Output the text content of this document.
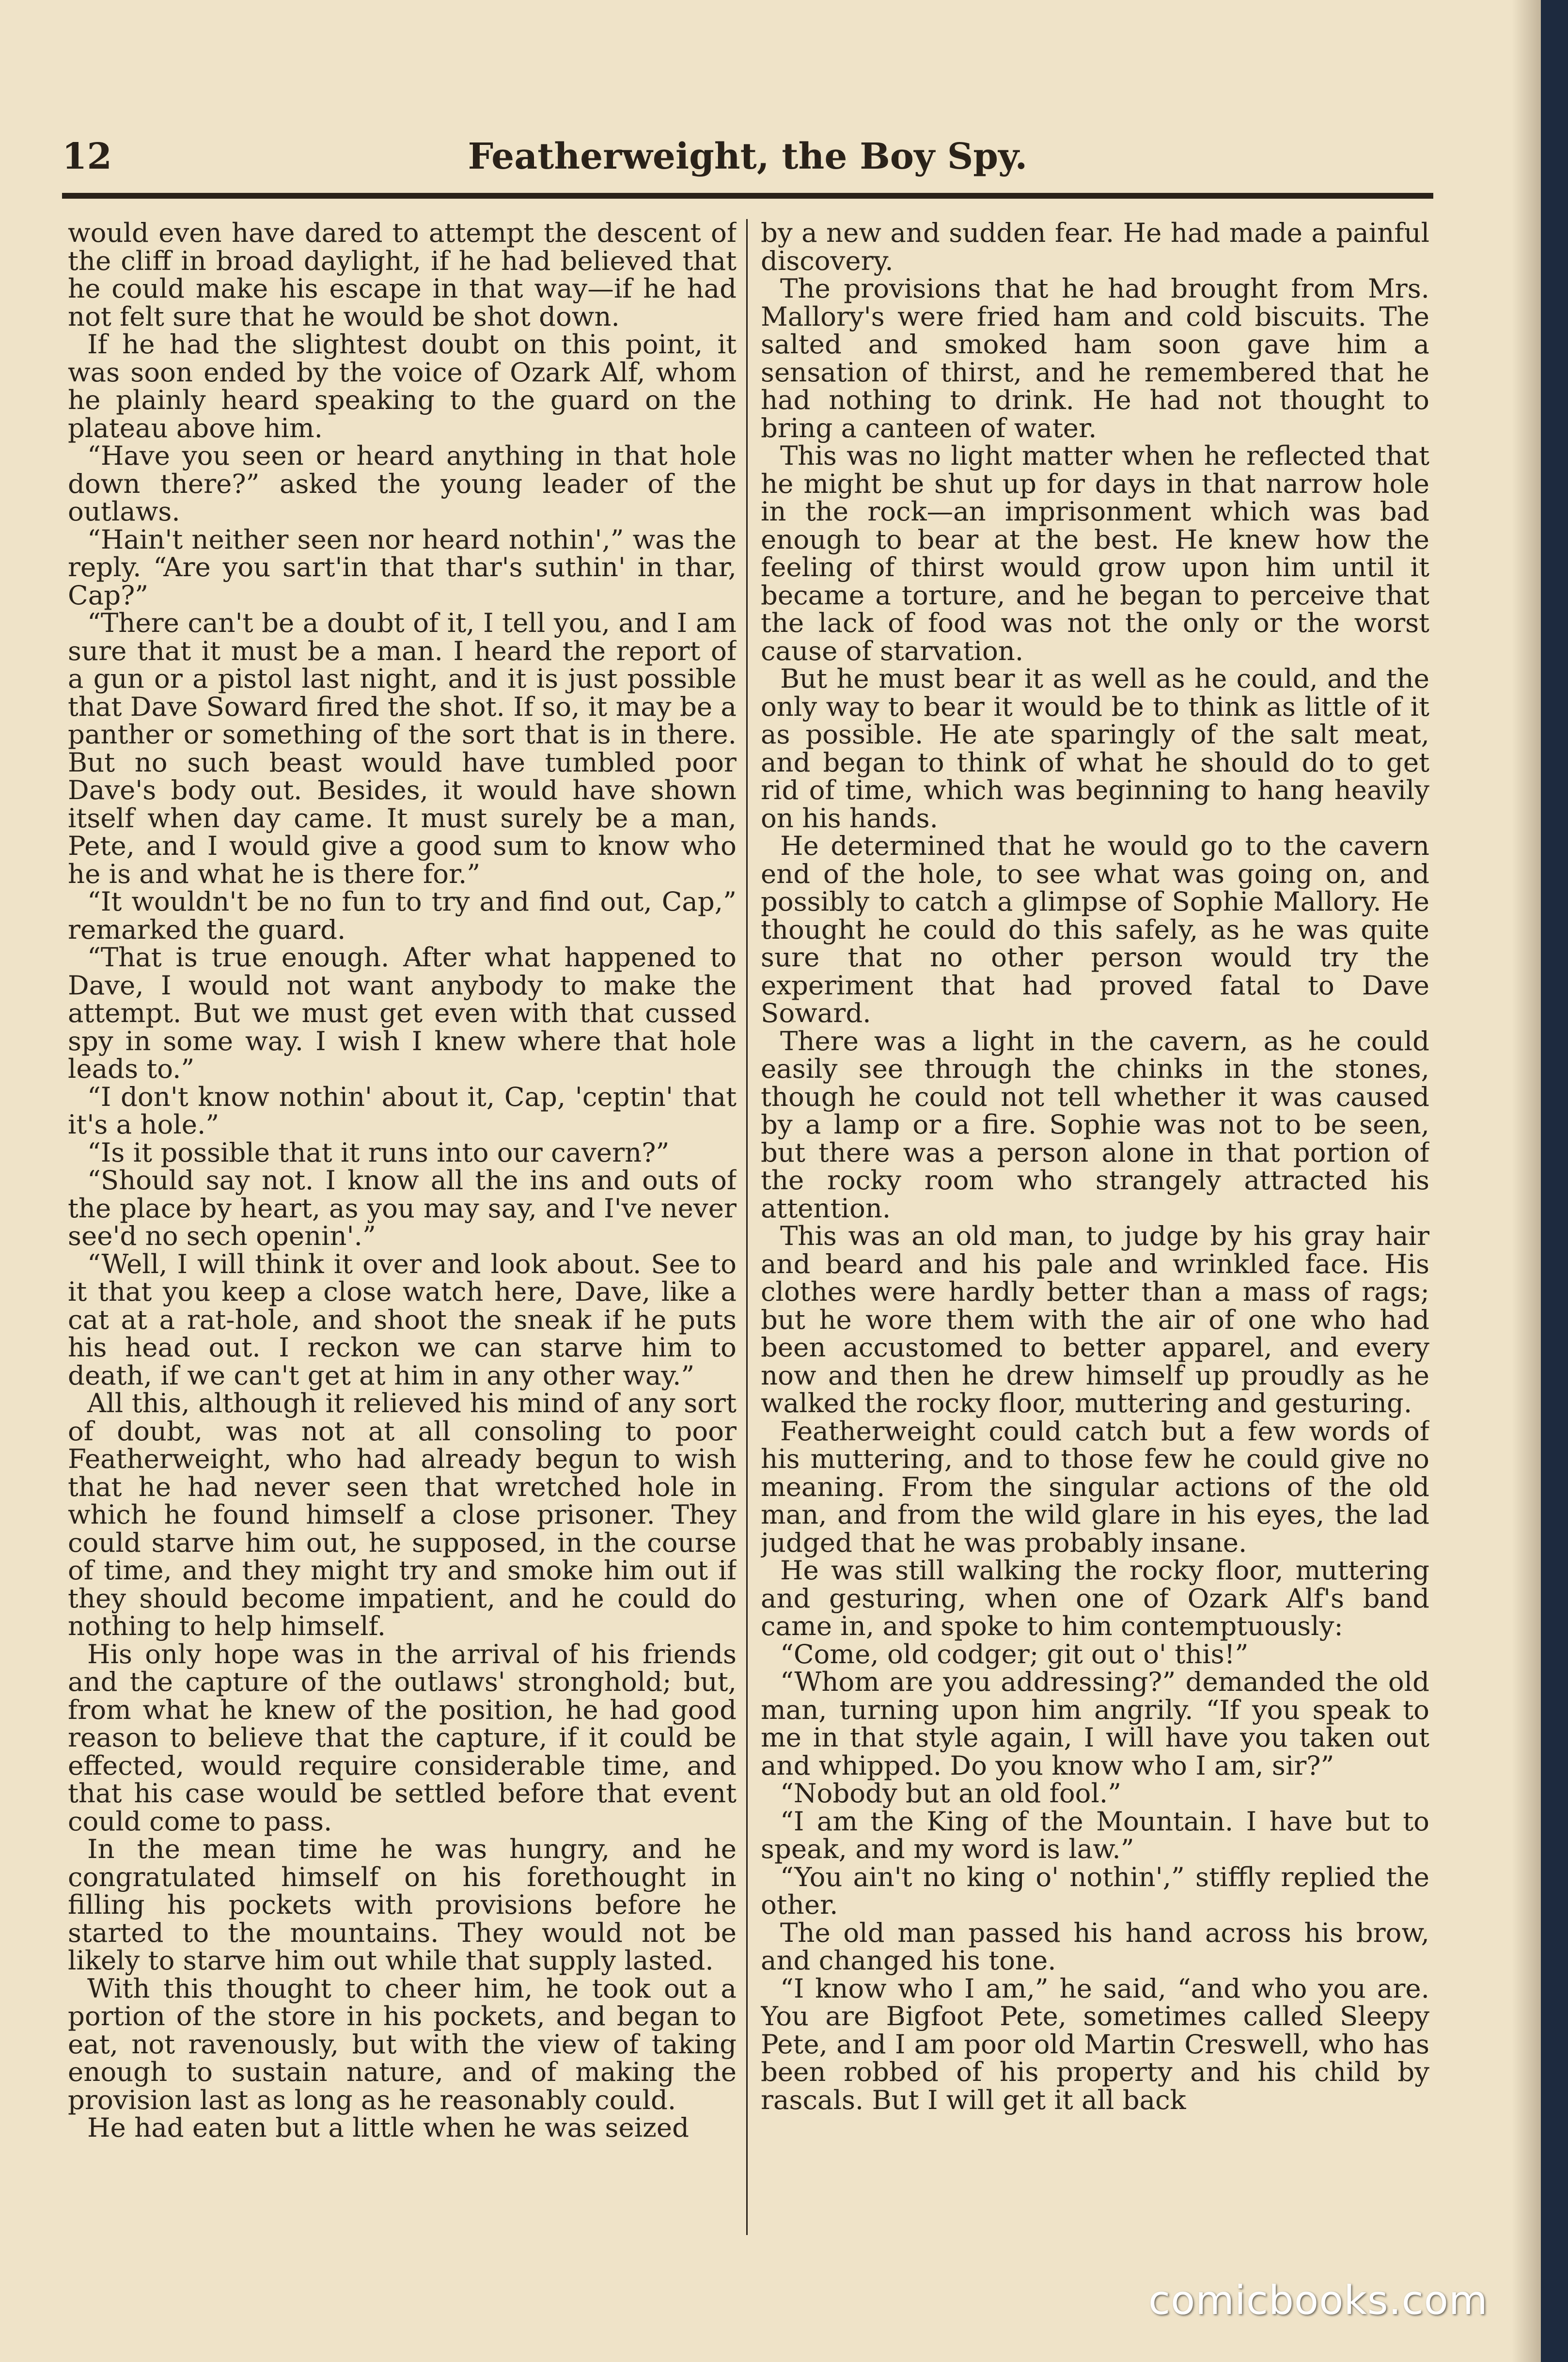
12	Featherweight, the Boy Spy.

would even have dared to attempt the descent of the cliff in broad daylight, if he had believed that he could make his escape in that way—if he had not felt sure that he would be shot down.

If he had the slightest doubt on this point, it was soon ended by the voice of Ozark Alf, whom he plainly heard speaking to the guard on the plateau above him.

“Have you seen or heard anything in that hole down there?” asked the young leader of the outlaws.

“Hain't neither seen nor heard nothin',” was the reply. “Are you sart'in that thar's suthin' in thar, Cap?”

“There can't be a doubt of it, I tell you, and I am sure that it must be a man. I heard the report of a gun or a pistol last night, and it is just possible that Dave Soward fired the shot. If so, it may be a panther or something of the sort that is in there. But no such beast would have tumbled poor Dave's body out. Besides, it would have shown itself when day came. It must surely be a man, Pete, and I would give a good sum to know who he is and what he is there for.”

“It wouldn't be no fun to try and find out, Cap,” remarked the guard.

“That is true enough. After what happened to Dave, I would not want anybody to make the attempt. But we must get even with that cussed spy in some way. I wish I knew where that hole leads to.”

“I don't know nothin' about it, Cap, 'ceptin' that it's a hole.”

“Is it possible that it runs into our cavern?”

“Should say not. I know all the ins and outs of the place by heart, as you may say, and I've never see'd no sech openin'.”

“Well, I will think it over and look about. See to it that you keep a close watch here, Dave, like a cat at a rat-hole, and shoot the sneak if he puts his head out. I reckon we can starve him to death, if we can't get at him in any other way.”

All this, although it relieved his mind of any sort of doubt, was not at all consoling to poor Featherweight, who had already begun to wish that he had never seen that wretched hole in which he found himself a close prisoner. They could starve him out, he supposed, in the course of time, and they might try and smoke him out if they should become impatient, and he could do nothing to help himself.

His only hope was in the arrival of his friends and the capture of the outlaws' stronghold; but, from what he knew of the position, he had good reason to believe that the capture, if it could be effected, would require considerable time, and that his case would be settled before that event could come to pass.

In the mean time he was hungry, and he congratulated himself on his forethought in filling his pockets with provisions before he started to the mountains. They would not be likely to starve him out while that supply lasted.

With this thought to cheer him, he took out a portion of the store in his pockets, and began to eat, not ravenously, but with the view of taking enough to sustain nature, and of making the provision last as long as he reasonably could.

He had eaten but a little when he was seized

by a new and sudden fear. He had made a painful discovery.

The provisions that he had brought from Mrs. Mallory's were fried ham and cold biscuits. The salted and smoked ham soon gave him a sensation of thirst, and he remembered that he had nothing to drink. He had not thought to bring a canteen of water.

This was no light matter when he reflected that he might be shut up for days in that narrow hole in the rock—an imprisonment which was bad enough to bear at the best. He knew how the feeling of thirst would grow upon him until it became a torture, and he began to perceive that the lack of food was not the only or the worst cause of starvation.

But he must bear it as well as he could, and the only way to bear it would be to think as little of it as possible. He ate sparingly of the salt meat, and began to think of what he should do to get rid of time, which was beginning to hang heavily on his hands.

He determined that he would go to the cavern end of the hole, to see what was going on, and possibly to catch a glimpse of Sophie Mallory. He thought he could do this safely, as he was quite sure that no other person would try the experiment that had proved fatal to Dave Soward.

There was a light in the cavern, as he could easily see through the chinks in the stones, though he could not tell whether it was caused by a lamp or a fire. Sophie was not to be seen, but there was a person alone in that portion of the rocky room who strangely attracted his attention.

This was an old man, to judge by his gray hair and beard and his pale and wrinkled face. His clothes were hardly better than a mass of rags; but he wore them with the air of one who had been accustomed to better apparel, and every now and then he drew himself up proudly as he walked the rocky floor, muttering and gesturing.

Featherweight could catch but a few words of his muttering, and to those few he could give no meaning. From the singular actions of the old man, and from the wild glare in his eyes, the lad judged that he was probably insane.

He was still walking the rocky floor, muttering and gesturing, when one of Ozark Alf's band came in, and spoke to him contemptuously:

“Come, old codger; git out o' this!”

“Whom are you addressing?” demanded the old man, turning upon him angrily. “If you speak to me in that style again, I will have you taken out and whipped. Do you know who I am, sir?”

“Nobody but an old fool.”

“I am the King of the Mountain. I have but to speak, and my word is law.”

“You ain't no king o' nothin',” stiffly replied the other.

The old man passed his hand across his brow, and changed his tone.

“I know who I am,” he said, “and who you are. You are Bigfoot Pete, sometimes called Sleepy Pete, and I am poor old Martin Creswell, who has been robbed of his property and his child by rascals. But I will get it all back

comicbooks.com
